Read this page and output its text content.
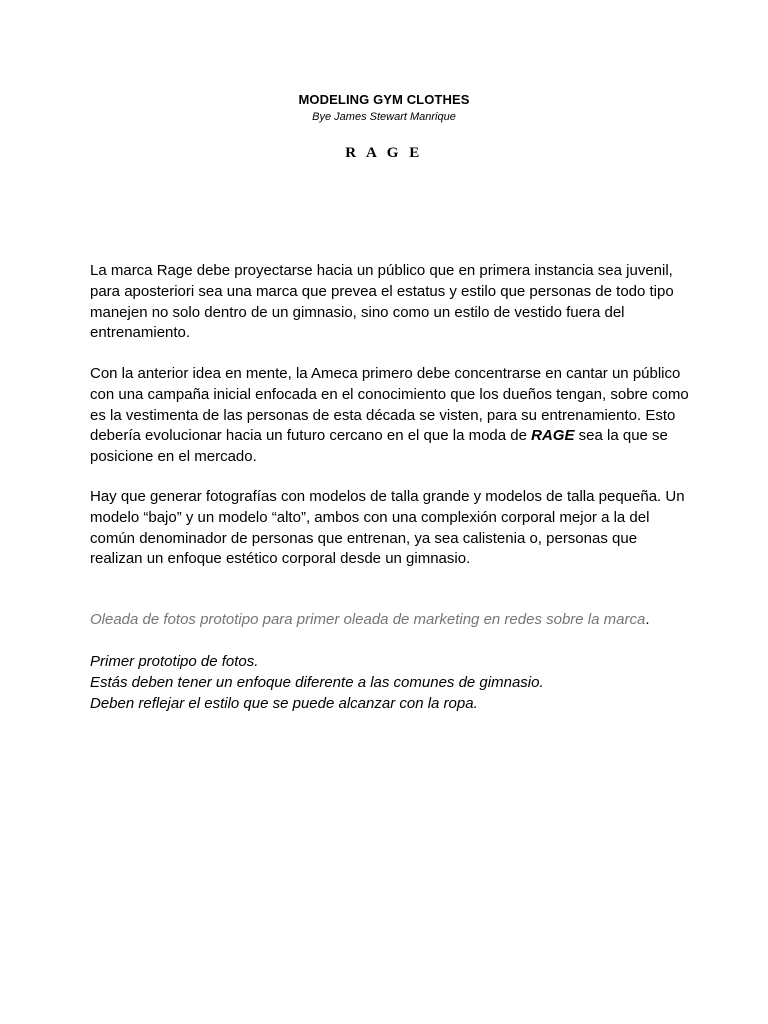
MODELING GYM CLOTHES
Bye James Stewart Manrique
R A G E

La marca Rage debe proyectarse hacia un público que en primera instancia sea juvenil, para aposteriori sea una marca que prevea el estatus y estilo que personas de todo tipo manejen no solo dentro de un gimnasio, sino como un estilo de vestido fuera del entrenamiento.

Con la anterior idea en mente, la Ameca primero debe concentrarse en cantar un público con una campaña inicial enfocada en el conocimiento que los dueños tengan, sobre como es la vestimenta de las personas de esta década se visten, para su entrenamiento. Esto debería evolucionar hacia un futuro cercano en el que la moda de RAGE sea la que se posicione en el mercado.

Hay que generar fotografías con modelos de talla grande y modelos de talla pequeña. Un modelo “bajo” y un modelo “alto”, ambos con una complexión corporal mejor a la del común denominador de personas que entrenan, ya sea calistenia o, personas que realizan un enfoque estético corporal desde un gimnasio.

Oleada de fotos prototipo para primer oleada de marketing en redes sobre la marca.

Primer prototipo de fotos.
Estás deben tener un enfoque diferente a las comunes de gimnasio.
Deben reflejar el estilo que se puede alcanzar con la ropa.
